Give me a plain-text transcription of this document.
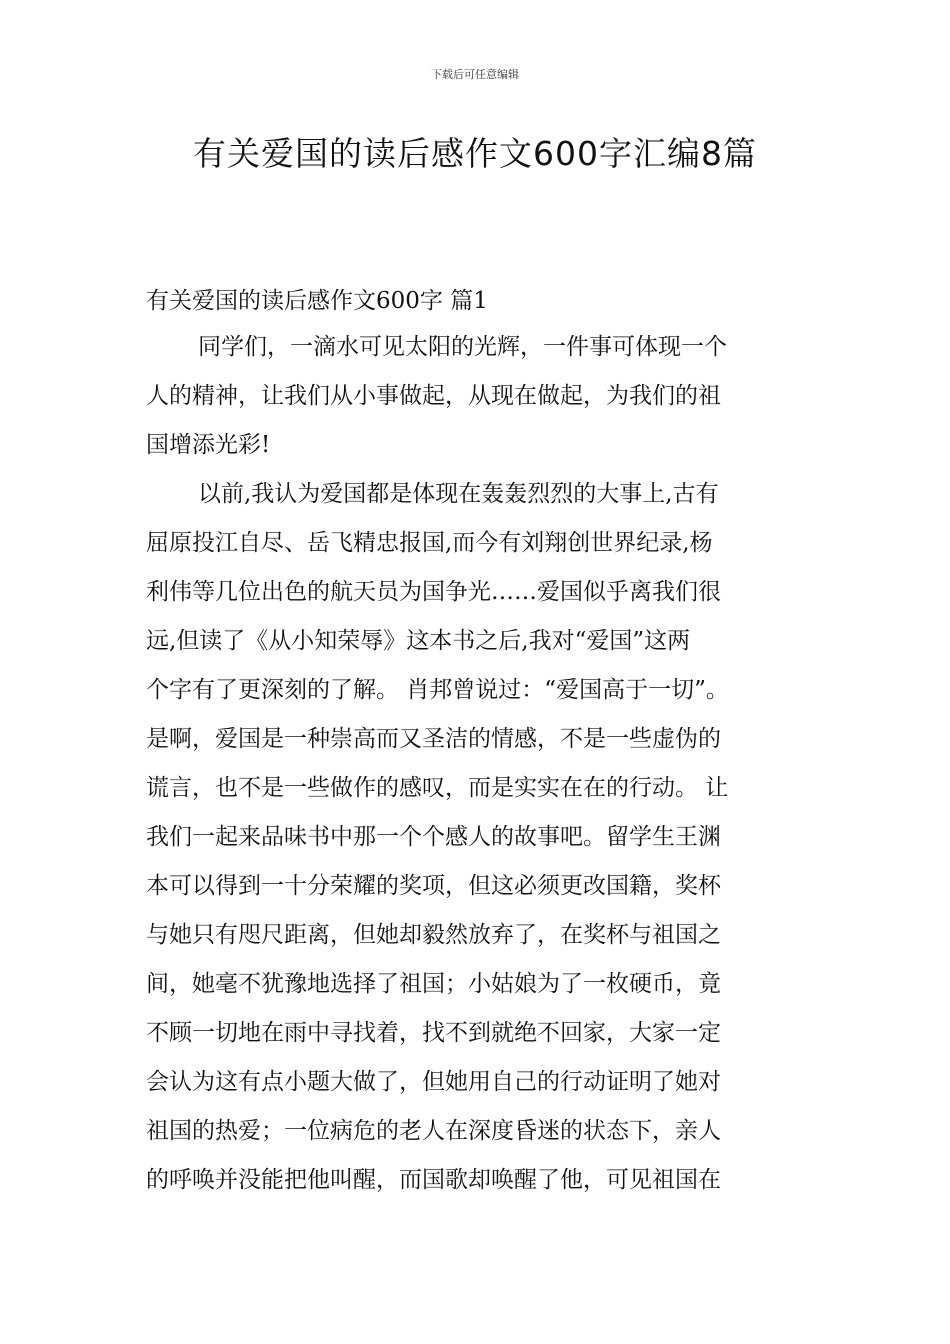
下载后可任意编辑
有关爱国的读后感作文600字汇编8篇
有关爱国的读后感作文600字 篇1
同学们，一滴水可见太阳的光辉，一件事可体现一个
人的精神，让我们从小事做起，从现在做起，为我们的祖
国增添光彩!
以前,我认为爱国都是体现在轰轰烈烈的大事上,古有
屈原投江自尽、岳飞精忠报国,而今有刘翔创世界纪录,杨
利伟等几位出色的航天员为国争光……爱国似乎离我们很
远,但读了《从小知荣辱》这本书之后,我对“爱国”这两
个字有了更深刻的了解。 肖邦曾说过：“爱国高于一切”。
是啊，爱国是一种崇高而又圣洁的情感，不是一些虚伪的
谎言，也不是一些做作的感叹，而是实实在在的行动。 让
我们一起来品味书中那一个个感人的故事吧。留学生王渊
本可以得到一十分荣耀的奖项，但这必须更改国籍，奖杯
与她只有咫尺距离，但她却毅然放弃了，在奖杯与祖国之
间，她毫不犹豫地选择了祖国；小姑娘为了一枚硬币，竟
不顾一切地在雨中寻找着，找不到就绝不回家，大家一定
会认为这有点小题大做了，但她用自己的行动证明了她对
祖国的热爱；一位病危的老人在深度昏迷的状态下，亲人
的呼唤并没能把他叫醒，而国歌却唤醒了他，可见祖国在
